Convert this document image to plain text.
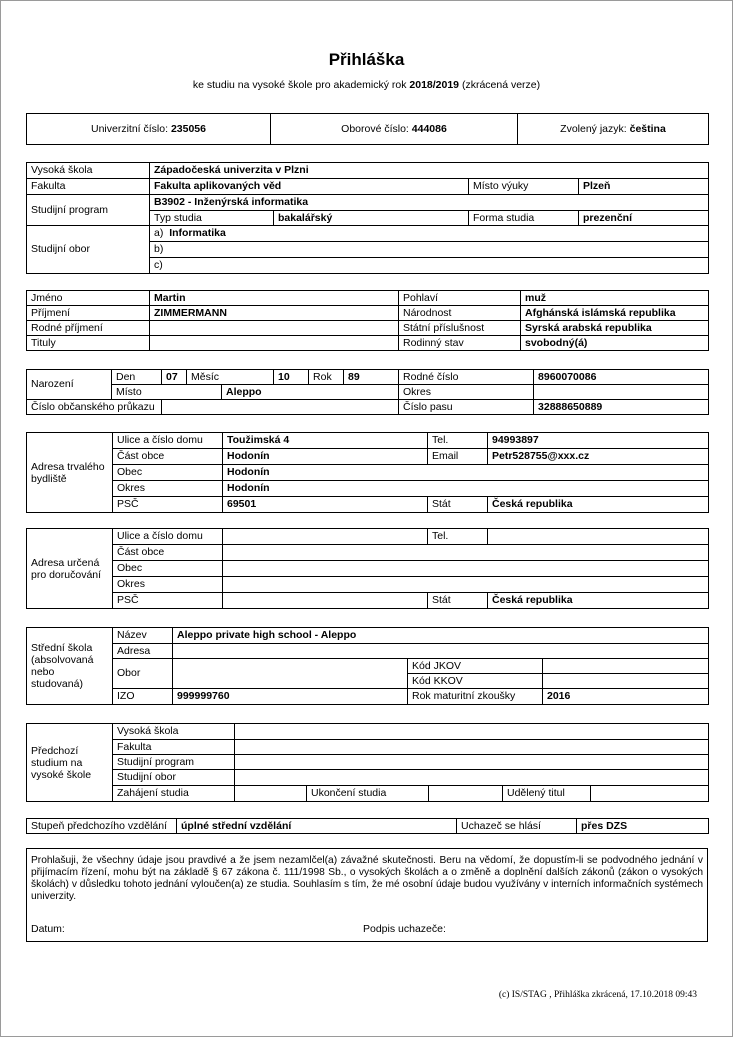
Přihláška
ke studiu na vysoké škole pro akademický rok 2018/2019 (zkrácená verze)
Univerzitní číslo: 235056	Oborové číslo: 444086	Zvolený jazyk: čeština
Vysoká škola	Západočeská univerzita v Plzni			
Fakulta	Fakulta aplikovaných věd		Místo výuky	Plzeň
Studijní program	B3902 - Inženýrská informatika			
	Typ studia	bakalářský	Forma studia	prezenční
Studijní obor	a) Informatika			
	b)			
	c)			
Jméno	Martin	Pohlaví	muž
Příjmení	ZIMMERMANN	Národnost	Afghánská islámská republika
Rodné příjmení		Státní příslušnost	Syrská arabská republika
Tituly		Rodinný stav	svobodný(á)
Narození	Den	07	Měsíc		10	Rok	89	Rodné číslo	8960070086
	Místo			Aleppo				Okres	
Číslo občanského průkazu								Číslo pasu	32888650889
Adresa trvalého bydliště	Ulice a číslo domu	Toužimská 4	Tel.	94993897
	Část obce	Hodonín	Email	Petr528755@xxx.cz
	Obec	Hodonín		
	Okres	Hodonín		
	PSČ	69501	Stát	Česká republika
Adresa určená pro doručování	Ulice a číslo domu		Tel.	
	Část obce			
	Obec			
	Okres			
	PSČ		Stát	Česká republika
Střední škola (absolvovaná nebo studovaná)	Název	Aleppo private high school - Aleppo		
	Adresa			
	Obor		Kód JKOV	
			Kód KKOV	
	IZO	999999760	Rok maturitní zkoušky	2016
Předchozí studium na vysoké škole	Vysoká škola					
	Fakulta					
	Studijní program					
	Studijní obor					
	Zahájení studia		Ukončení studia		Udělený titul	
Stupeň předchozího vzdělání	úplné střední vzdělání	Uchazeč se hlásí	přes DZS
Prohlašuji, že všechny údaje jsou pravdivé a že jsem nezamlčel(a) závažné skutečnosti. Beru na vědomí, že dopustím-li se podvodného jednání v přijímacím řízení, mohu být na základě § 67 zákona č. 111/1998 Sb., o vysokých školách a o změně a doplnění dalších zákonů (zákon o vysokých školách) v důsledku tohoto jednání vyloučen(a) ze studia. Souhlasím s tím, že mé osobní údaje budou využívány v interních informačních systémech univerzity.
Datum:	Podpis uchazeče:
(c) IS/STAG , Přihláška zkrácená, 17.10.2018 09:43
